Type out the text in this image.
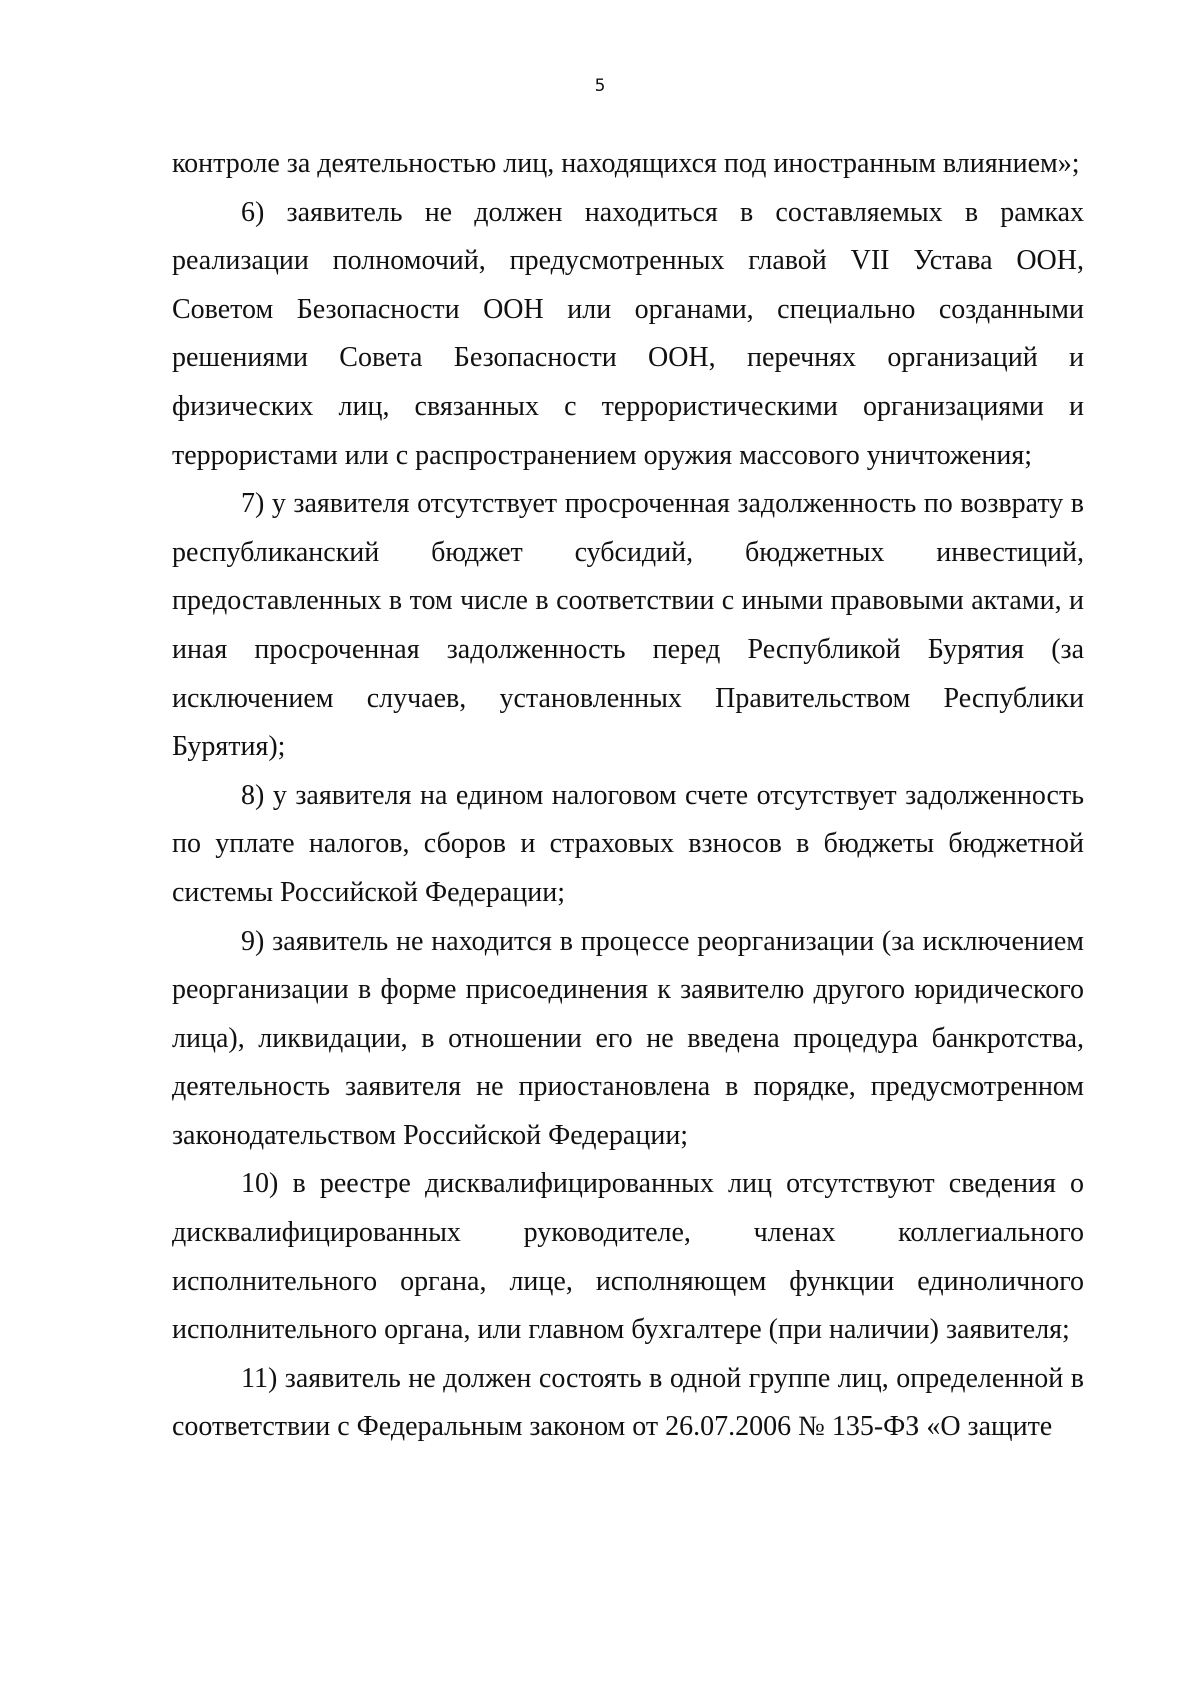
5

контроле за деятельностью лиц, находящихся под иностранным влиянием»;

6) заявитель не должен находиться в составляемых в рамках реализации полномочий, предусмотренных главой VII Устава ООН, Советом Безопасности ООН или органами, специально созданными решениями Совета Безопасности ООН, перечнях организаций и физических лиц, связанных с террористическими организациями и террористами или с распространением оружия массового уничтожения;

7) у заявителя отсутствует просроченная задолженность по возврату в республиканский бюджет субсидий, бюджетных инвестиций, предоставленных в том числе в соответствии с иными правовыми актами, и иная просроченная задолженность перед Республикой Бурятия (за исключением случаев, установленных Правительством Республики Бурятия);

8) у заявителя на едином налоговом счете отсутствует задолженность по уплате налогов, сборов и страховых взносов в бюджеты бюджетной системы Российской Федерации;

9) заявитель не находится в процессе реорганизации (за исключением реорганизации в форме присоединения к заявителю другого юридического лица), ликвидации, в отношении его не введена процедура банкротства, деятельность заявителя не приостановлена в порядке, предусмотренном законодательством Российской Федерации;

10) в реестре дисквалифицированных лиц отсутствуют сведения о дисквалифицированных руководителе, членах коллегиального исполнительного органа, лице, исполняющем функции единоличного исполнительного органа, или главном бухгалтере (при наличии) заявителя;

11) заявитель не должен состоять в одной группе лиц, определенной в соответствии с Федеральным законом от 26.07.2006 № 135-ФЗ «О защите
